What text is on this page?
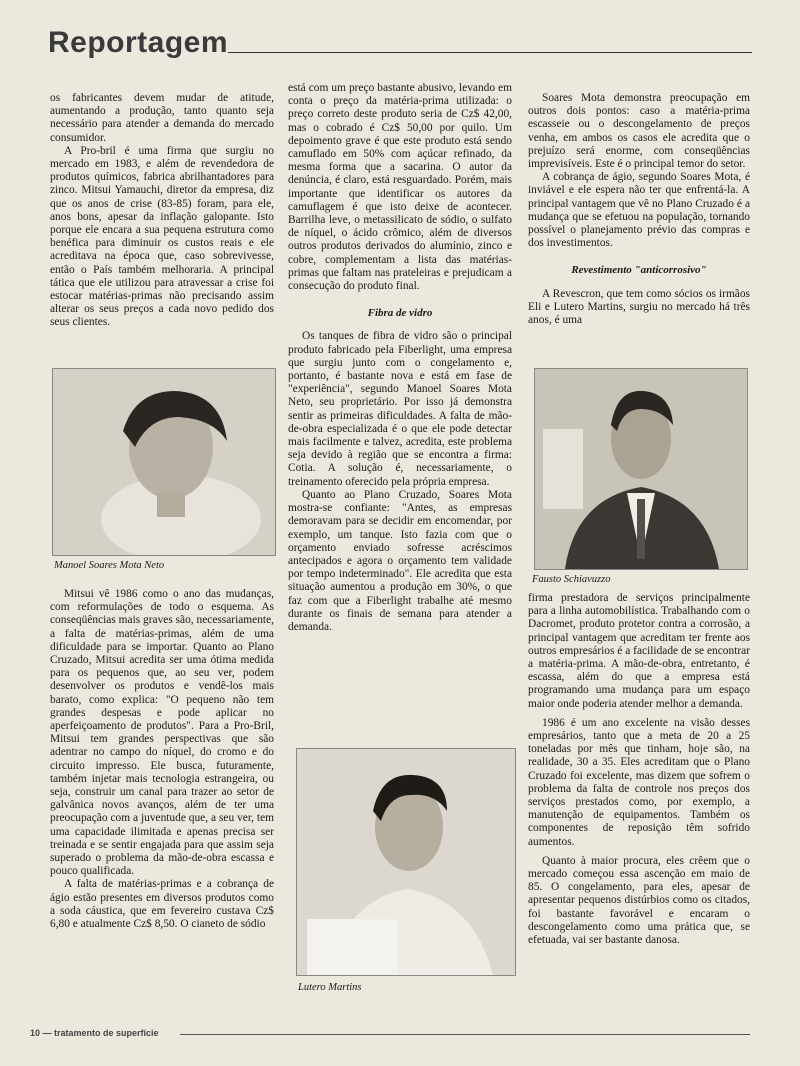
Reportagem

os fabricantes devem mudar de atitude, aumentando a produção, tanto quanto seja necessário para atender a demanda do mercado consumidor.

A Pro-bril é uma firma que surgiu no mercado em 1983, e além de revendedora de produtos químicos, fabrica abrilhantadores para zinco. Mitsui Yamauchi, diretor da empresa, diz que os anos de crise (83-85) foram, para ele, anos bons, apesar da inflação galopante. Isto porque ele encara a sua pequena estrutura como benéfica para diminuir os custos reais e ele acreditava na época que, caso sobrevivesse, então o País também melhoraria. A principal tática que ele utilizou para atravessar a crise foi estocar matérias-primas não precisando assim alterar os seus preços a cada novo pedido dos seus clientes.

Manoel Soares Mota Neto

Mitsui vê 1986 como o ano das mudanças, com reformulações de todo o esquema. As conseqüências mais graves são, necessariamente, a falta de matérias-primas, além de uma dificuldade para se importar. Quanto ao Plano Cruzado, Mitsui acredita ser uma ótima medida para os pequenos que, ao seu ver, podem desenvolver os produtos e vendê-los mais barato, como explica: "O pequeno não tem grandes despesas e pode aplicar no aperfeiçoamento de produtos". Para a Pro-Bril, Mitsui tem grandes perspectivas que são adentrar no campo do níquel, do cromo e do circuito impresso. Ele busca, futuramente, também injetar mais tecnologia estrangeira, ou seja, construir um canal para trazer ao setor de galvânica novos avanços, além de ter uma preocupação com a juventude que, a seu ver, tem uma capacidade ilimitada e apenas precisa ser treinada e se sentir engajada para que assim seja superado o problema da mão-de-obra escassa e pouco qualificada.

A falta de matérias-primas e a cobrança de ágio estão presentes em diversos produtos como a soda cáustica, que em fevereiro custava Cz$ 6,80 e atualmente Cz$ 8,50. O cianeto de sódio

está com um preço bastante abusivo, levando em conta o preço da matéria-prima utilizada: o preço correto deste produto seria de Cz$ 42,00, mas o cobrado é Cz$ 50,00 por quilo. Um depoimento grave é que este produto está sendo camuflado em 50% com açúcar refinado, da mesma forma que a sacarina. O autor da denúncia, é claro, está resguardado. Porém, mais importante que identificar os autores da camuflagem é que isto deixe de acontecer. Barrilha leve, o metassilicato de sódio, o sulfato de níquel, o ácido crômico, além de diversos outros produtos derivados do alumínio, zinco e cobre, complementam a lista das matérias-primas que faltam nas prateleiras e prejudicam a consecução do produto final.

Fibra de vidro

Os tanques de fibra de vidro são o principal produto fabricado pela Fiberlight, uma empresa que surgiu junto com o congelamento e, portanto, é bastante nova e está em fase de "experiência", segundo Manoel Soares Mota Neto, seu proprietário. Por isso já demonstra sentir as primeiras dificuldades. A falta de mão-de-obra especializada é o que ele pode detectar mais facilmente e talvez, acredita, este problema seja devido à região que se encontra a firma: Cotia. A solução é, necessariamente, o treinamento oferecido pela própria empresa.

Quanto ao Plano Cruzado, Soares Mota mostra-se confiante: "Antes, as empresas demoravam para se decidir em encomendar, por exemplo, um tanque. Isto fazia com que o orçamento enviado sofresse acréscimos antecipados e agora o orçamento tem validade por tempo indeterminado". Ele acredita que esta situação aumentou a produção em 30%, o que faz com que a Fiberlight trabalhe até mesmo durante os finais de semana para atender a demanda.

Lutero Martins

Soares Mota demonstra preocupação em outros dois pontos: caso a matéria-prima escasseie ou o descongelamento de preços venha, em ambos os casos ele acredita que o prejuízo será enorme, com conseqüências imprevisíveis. Este é o principal temor do setor.

A cobrança de ágio, segundo Soares Mota, é inviável e ele espera não ter que enfrentá-la. A principal vantagem que vê no Plano Cruzado é a mudança que se efetuou na população, tornando possível o planejamento prévio das compras e dos investimentos.

Revestimento "anticorrosivo"

A Revescron, que tem como sócios os irmãos Eli e Lutero Martins, surgiu no mercado há três anos, é uma

Fausto Schiavuzzo

firma prestadora de serviços principalmente para a linha automobilística. Trabalhando com o Dacromet, produto protetor contra a corrosão, a principal vantagem que acreditam ter frente aos outros empresários é a facilidade de se encontrar a matéria-prima. A mão-de-obra, entretanto, é escassa, além do que a empresa está programando uma mudança para um espaço maior onde poderia atender melhor a demanda.

1986 é um ano excelente na visão desses empresários, tanto que a meta de 20 a 25 toneladas por mês que tinham, hoje são, na realidade, 30 a 35. Eles acreditam que o Plano Cruzado foi excelente, mas dizem que sofrem o problema da falta de controle nos preços dos serviços prestados como, por exemplo, a manutenção de equipamentos. Também os componentes de reposição têm sofrido aumentos.

Quanto à maior procura, eles crêem que o mercado começou essa ascenção em maio de 85. O congelamento, para eles, apesar de apresentar pequenos distúrbios como os citados, foi bastante favorável e encaram o descongelamento como uma prática que, se efetuada, vai ser bastante danosa.

10 — tratamento de superfície
